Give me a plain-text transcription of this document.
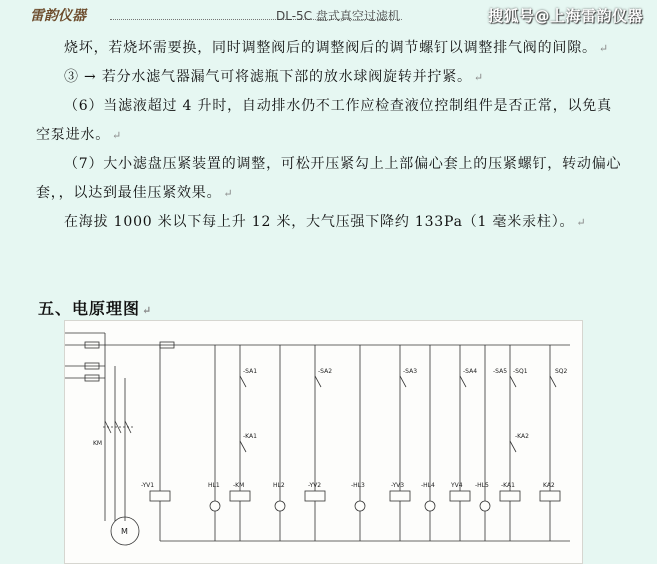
雷韵仪器	DL-5C 盘式真空过滤机	搜狐号@上海雷韵仪器

烧坏，若烧坏需要换，同时调整阀后的调整阀后的调节螺钉以调整排气阀的间隙。 ↵

③ → 若分水滤气器漏气可将滤瓶下部的放水球阀旋转并拧紧。 ↵

（6）当滤液超过 4 升时，自动排水仍不工作应检查液位控制组件是否正常，以免真空泵进水。 ↵

（7）大小滤盘压紧装置的调整，可松开压紧勾上上部偏心套上的压紧螺钉，转动偏心套，，以达到最佳压紧效果。 ↵

在海拔 1000 米以下每上升 12 米，大气压强下降约 133Pa（1 毫米汞柱）。 ↵

五、电原理图 ↵
-SA1	-SA2	-SA3	-SA4	-SA5 -SQ1	SQ2
-KA1	-KA2
-YV1	HL1 -KM	HL2	-YV2	-HL3	-YV3	-HL4	YV4 -HL5 -KA1	KA2
KM
M
